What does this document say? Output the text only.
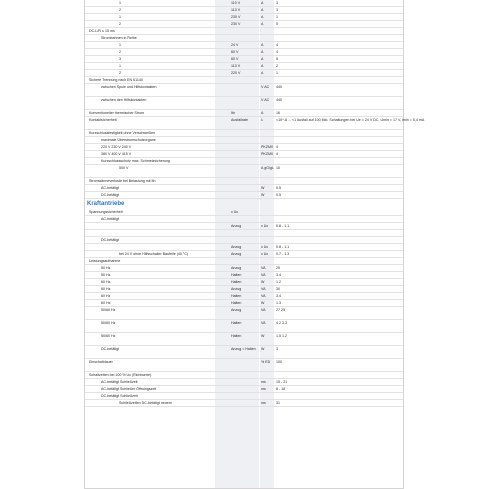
1	110 V	A	3
2	110 V	A	3
1	230 V	A	1
2	230 V	A	5
DC-L/R ≤ 15 ms
Strombahnen in Reihe
1	24 V	A	4
2	60 V	A	4
3	60 V	A	5
1	110 V	A	2
2	220 V	A	1
Sichere Trennung nach EN 61140
zwischen Spule und Hilfskontakten	V AC	440
zwischen den Hilfskontakten	V AC	440
Konventioneller thermischer Strom	Ith	A	16
Kontaktsicherheit	Ausfallrate	λ	<10^-8 ... <1 Ausfall auf 100 Mio. Schaltungen bei Ue = 24 V DC, Umin = 17 V, Imin = 5,4 mA
Kurzschlussfestigkeit ohne Verschweißen
maximale Überstromschutzorgane
220 V 230 V 240 V	PKZM0 4
380 V 400 V 415 V	PKZM0 4
Kurzschlussschutz max. Schmelzsicherung
500 V	A gG/gL 10
Stromwärmeverluste bei Belastung mit Ith
AC-betätigt	W	0.5
DC-betätigt	W	0.5
Kraftantriebe
Spannungssicherheit	x Uc
AC-betätigt
Anzug	x Uc	0.8 - 1.1
DC-betätigt
Anzug	x Uc	0.8 - 1.1
bei 24 V ohne Hilfsschalter Bauteile (40 °C)	Anzug	x Uc	0.7 - 1.3
Leistungsaufnahme
50 Hz	Anzug	VA	25
50 Hz	Halten	VA	3.4
60 Hz	Halten	W	1.2
60 Hz	Anzug	VA	30
60 Hz	Halten	VA	3.4
60 Hz	Halten	W	1.3
50/60 Hz	Anzug	VA	27 25
50/60 Hz	Halten	VA	4.2 3.3
50/60 Hz	Halten	W	1.5 1.2
DC-betätigt	Anzug = Halten	W	3
Einschaltdauer	% ED	100
Schaltzeiten bei 100 % Uc (Richtwerte)
AC-betätigt Schließzeit	ms	15 - 21
AC-betätigt Schließer Öffnungszeit	ms	8 - 18
DC-betätigt Schließzeit
Schließzeiten DC-betätigt neuem	ms	31
